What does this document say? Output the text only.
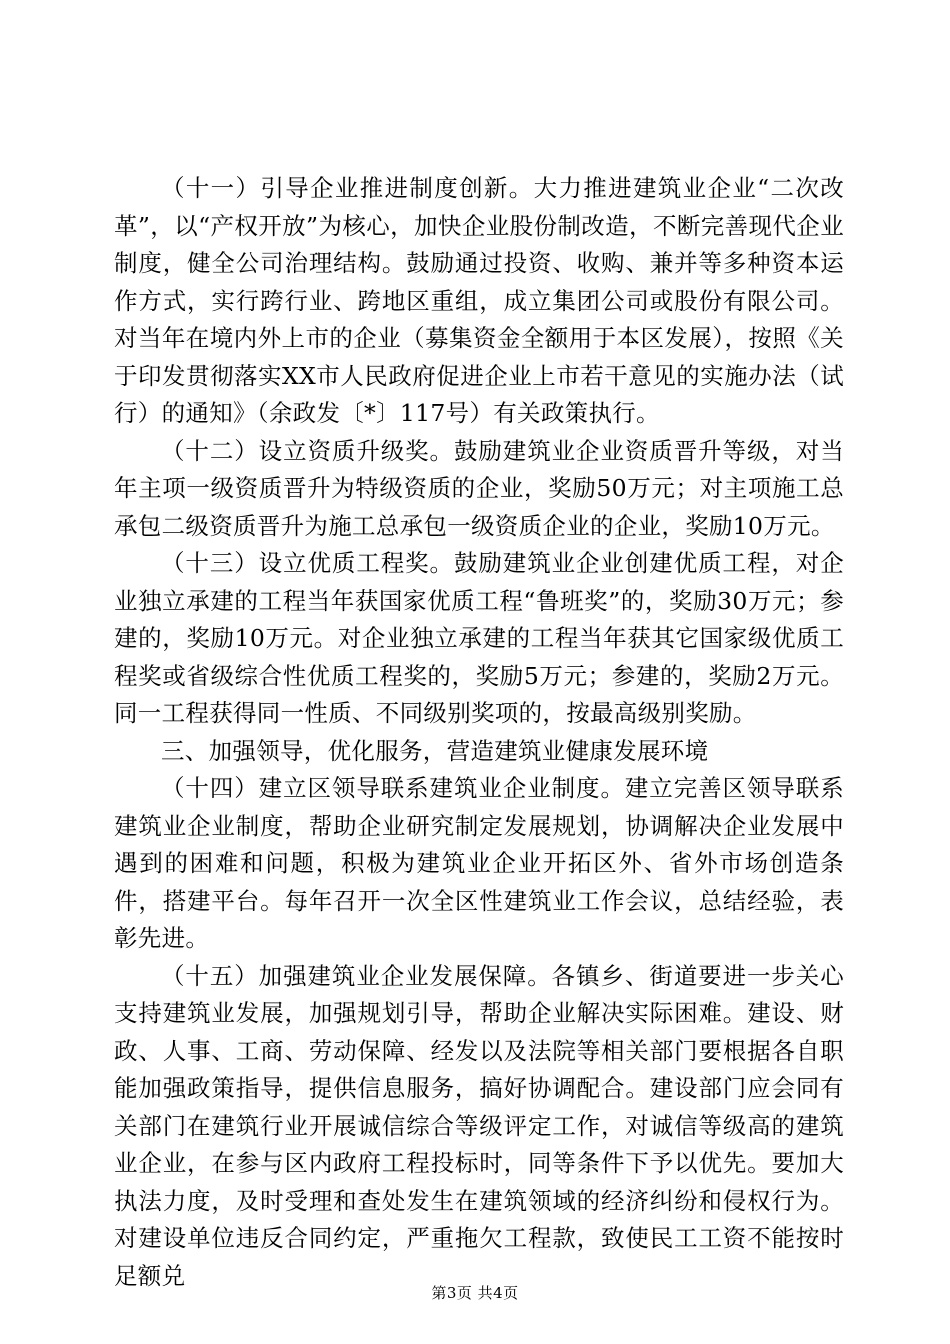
（十一）引导企业推进制度创新。大力推进建筑业企业“二次改革”，以“产权开放”为核心，加快企业股份制改造，不断完善现代企业制度，健全公司治理结构。鼓励通过投资、收购、兼并等多种资本运作方式，实行跨行业、跨地区重组，成立集团公司或股份有限公司。对当年在境内外上市的企业（募集资金全额用于本区发展），按照《关于印发贯彻落实XX市人民政府促进企业上市若干意见的实施办法（试行）的通知》（余政发〔*〕117号）有关政策执行。

（十二）设立资质升级奖。鼓励建筑业企业资质晋升等级，对当年主项一级资质晋升为特级资质的企业，奖励50万元；对主项施工总承包二级资质晋升为施工总承包一级资质企业的企业，奖励10万元。

（十三）设立优质工程奖。鼓励建筑业企业创建优质工程，对企业独立承建的工程当年获国家优质工程“鲁班奖”的，奖励30万元；参建的，奖励10万元。对企业独立承建的工程当年获其它国家级优质工程奖或省级综合性优质工程奖的，奖励5万元；参建的，奖励2万元。同一工程获得同一性质、不同级别奖项的，按最高级别奖励。

三、加强领导，优化服务，营造建筑业健康发展环境

（十四）建立区领导联系建筑业企业制度。建立完善区领导联系建筑业企业制度，帮助企业研究制定发展规划，协调解决企业发展中遇到的困难和问题，积极为建筑业企业开拓区外、省外市场创造条件，搭建平台。每年召开一次全区性建筑业工作会议，总结经验，表彰先进。

（十五）加强建筑业企业发展保障。各镇乡、街道要进一步关心支持建筑业发展，加强规划引导，帮助企业解决实际困难。建设、财政、人事、工商、劳动保障、经发以及法院等相关部门要根据各自职能加强政策指导，提供信息服务，搞好协调配合。建设部门应会同有关部门在建筑行业开展诚信综合等级评定工作，对诚信等级高的建筑业企业，在参与区内政府工程投标时，同等条件下予以优先。要加大执法力度，及时受理和查处发生在建筑领域的经济纠纷和侵权行为。对建设单位违反合同约定，严重拖欠工程款，致使民工工资不能按时足额兑

第3页 共4页
